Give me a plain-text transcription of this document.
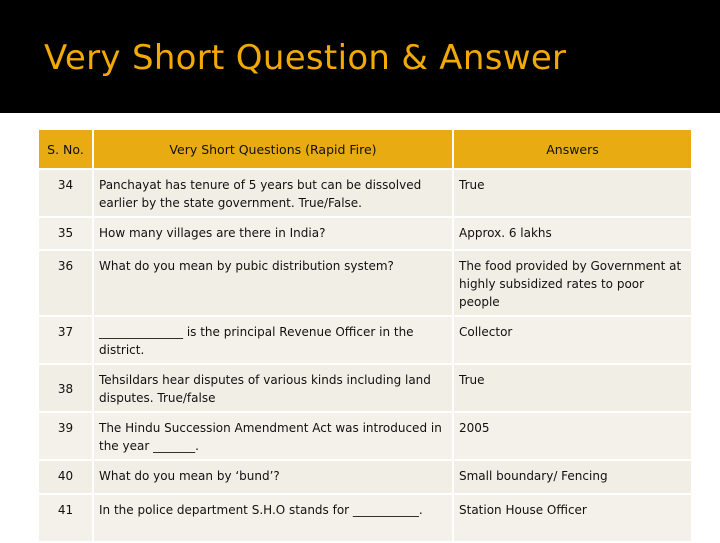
Very Short Question & Answer
S. No.	Very Short Questions (Rapid Fire)	Answers
34	Panchayat has tenure of 5 years but can be dissolved earlier by the state government. True/False.	True
35	How many villages are there in India?	Approx. 6 lakhs
36	What do you mean by pubic distribution system?	The food provided by Government at highly subsidized rates to poor people
37	______________ is the principal Revenue Officer in the district.	Collector
38	Tehsildars hear disputes of various kinds including land disputes. True/false	True
39	The Hindu Succession Amendment Act was introduced in the year _______.	2005
40	What do you mean by ‘bund’?	Small boundary/ Fencing
41	In the police department S.H.O stands for ___________.	Station House Officer
